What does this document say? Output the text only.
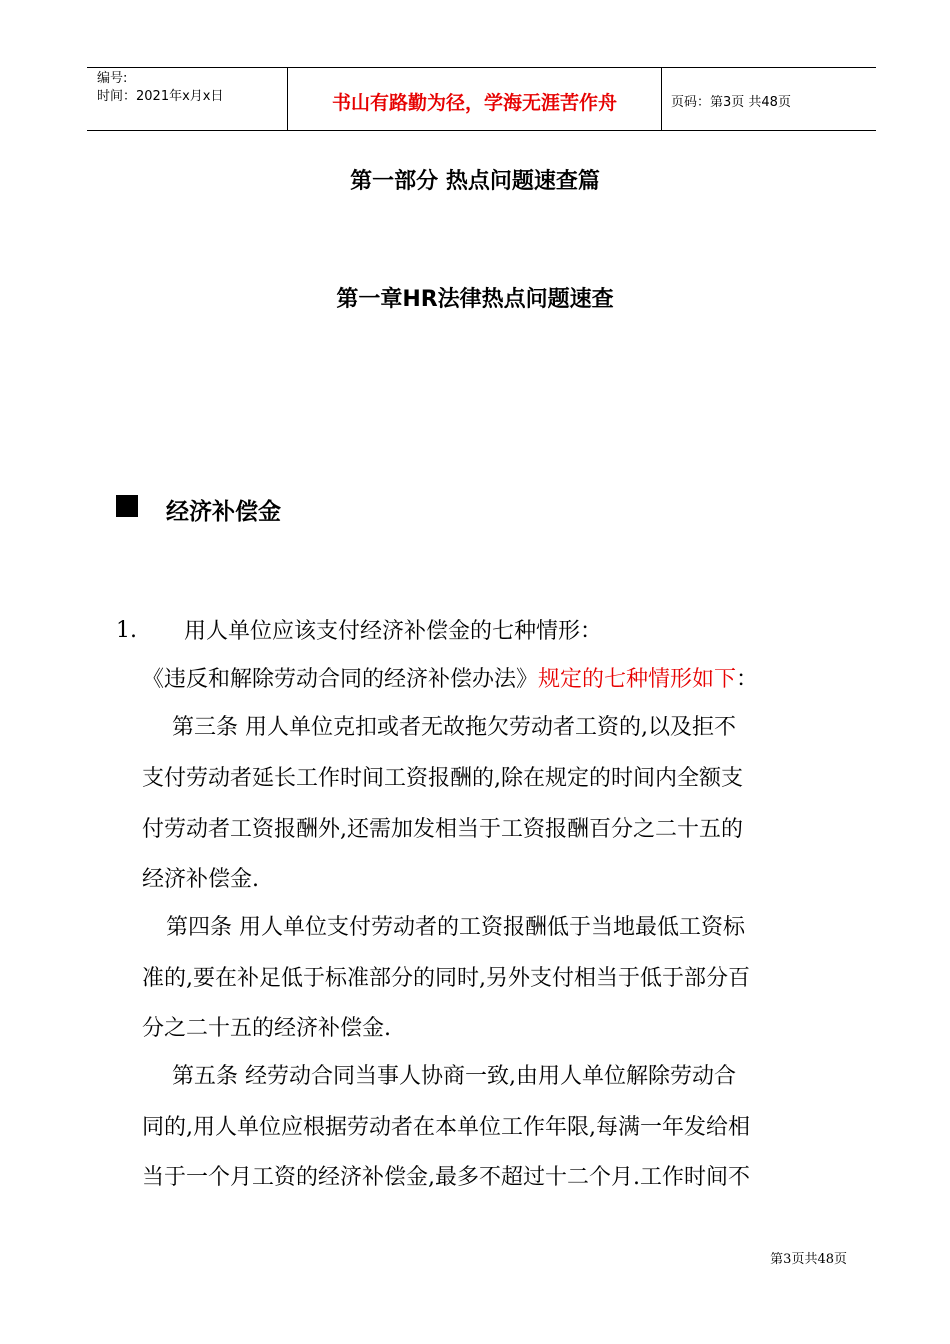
编号:
时间：2021年x月x日	书山有路勤为径，学海无涯苦作舟	页码：第3页 共48页
第一部分 热点问题速查篇
第一章HR法律热点问题速查
经济补偿金
1. 用人单位应该支付经济补偿金的七种情形：
《违反和解除劳动合同的经济补偿办法》规定的七种情形如下：
第三条 用人单位克扣或者无故拖欠劳动者工资的,以及拒不
支付劳动者延长工作时间工资报酬的,除在规定的时间内全额支
付劳动者工资报酬外,还需加发相当于工资报酬百分之二十五的
经济补偿金.
第四条 用人单位支付劳动者的工资报酬低于当地最低工资标
准的,要在补足低于标准部分的同时,另外支付相当于低于部分百
分之二十五的经济补偿金.
第五条 经劳动合同当事人协商一致,由用人单位解除劳动合
同的,用人单位应根据劳动者在本单位工作年限,每满一年发给相
当于一个月工资的经济补偿金,最多不超过十二个月.工作时间不
第3页共48页
